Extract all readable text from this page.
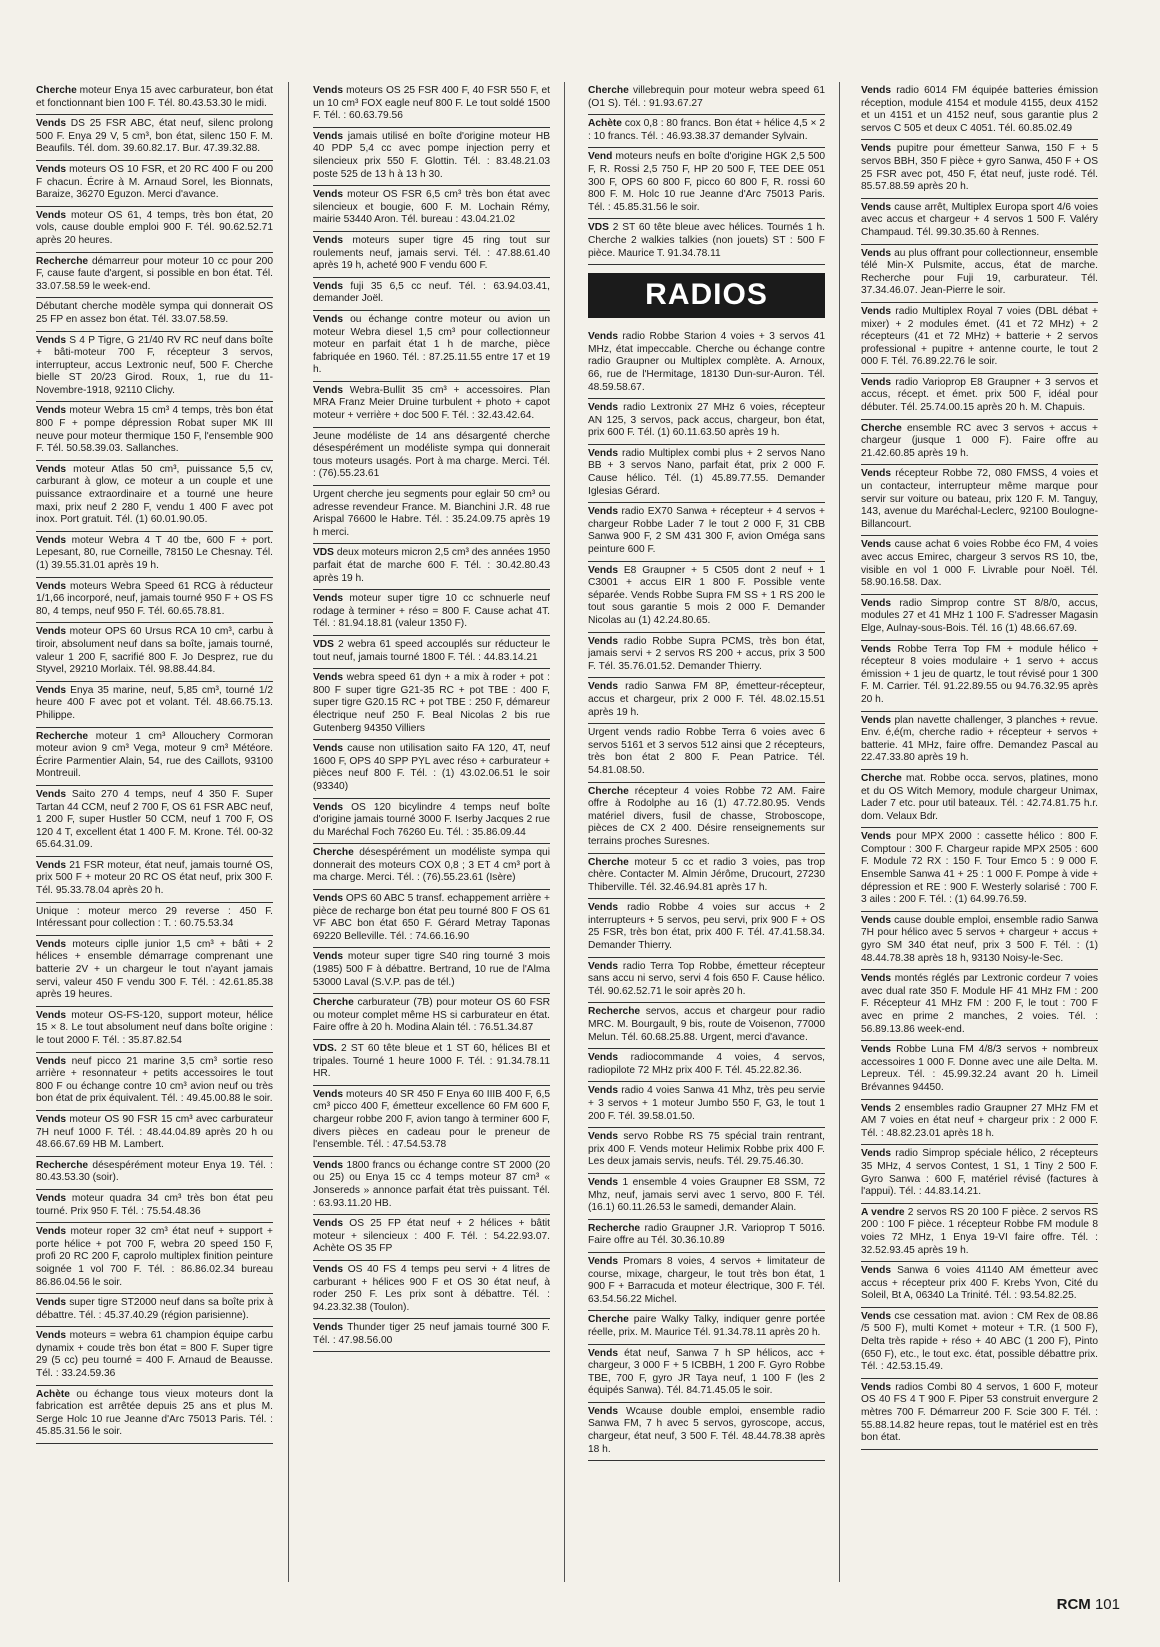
Cherche moteur Enya 15 avec carburateur, bon état et fonctionnant bien 100 F. Tél. 80.43.53.30 le midi.

Vends DS 25 FSR ABC, état neuf, silenc prolong 500 F. Enya 29 V, 5 cm³, bon état, silenc 150 F. M. Beaufils. Tél. dom. 39.60.82.17. Bur. 47.39.32.88.

Vends moteurs OS 10 FSR, et 20 RC 400 F ou 200 F chacun. Écrire à M. Arnaud Sorel, les Bionnats, Baraize, 36270 Eguzon. Merci d'avance.

Vends moteur OS 61, 4 temps, très bon état, 20 vols, cause double emploi 900 F. Tél. 90.62.52.71 après 20 heures.

Recherche démarreur pour moteur 10 cc pour 200 F, cause faute d'argent, si possible en bon état. Tél. 33.07.58.59 le week-end.

Débutant cherche modèle sympa qui donnerait OS 25 FP en assez bon état. Tél. 33.07.58.59.

Vends S 4 P Tigre, G 21/40 RV RC neuf dans boîte + bâti-moteur 700 F, récepteur 3 servos, interrupteur, accus Lextronic neuf, 500 F. Cherche bielle ST 20/23 Girod. Roux, 1, rue du 11-Novembre-1918, 92110 Clichy.

Vends moteur Webra 15 cm³ 4 temps, très bon état 800 F + pompe dépression Robat super MK III neuve pour moteur thermique 150 F, l'ensemble 900 F. Tél. 50.58.39.03. Sallanches.

Vends moteur Atlas 50 cm³, puissance 5,5 cv, carburant à glow, ce moteur a un couple et une puissance extraordinaire et a tourné une heure maxi, prix neuf 2 280 F, vendu 1 400 F avec pot inox. Port gratuit. Tél. (1) 60.01.90.05.

Vends moteur Webra 4 T 40 tbe, 600 F + port. Lepesant, 80, rue Corneille, 78150 Le Chesnay. Tél. (1) 39.55.31.01 après 19 h.

Vends moteurs Webra Speed 61 RCG à réducteur 1/1,66 incorporé, neuf, jamais tourné 950 F + OS FS 80, 4 temps, neuf 950 F. Tél. 60.65.78.81.

Vends moteur OPS 60 Ursus RCA 10 cm³, carbu à tiroir, absolument neuf dans sa boîte, jamais tourné, valeur 1 200 F, sacrifié 800 F. Jo Desprez, rue du Styvel, 29210 Morlaix. Tél. 98.88.44.84.

Vends Enya 35 marine, neuf, 5,85 cm³, tourné 1/2 heure 400 F avec pot et volant. Tél. 48.66.75.13. Philippe.

Recherche moteur 1 cm³ Allouchery Cormoran moteur avion 9 cm³ Vega, moteur 9 cm³ Météore. Écrire Parmentier Alain, 54, rue des Caillots, 93100 Montreuil.

Vends Saito 270 4 temps, neuf 4 350 F. Super Tartan 44 CCM, neuf 2 700 F, OS 61 FSR ABC neuf, 1 200 F, super Hustler 50 CCM, neuf 1 700 F, OS 120 4 T, excellent état 1 400 F. M. Krone. Tél. 00-32 65.64.31.09.

Vends 21 FSR moteur, état neuf, jamais tourné OS, prix 500 F + moteur 20 RC OS état neuf, prix 300 F. Tél. 95.33.78.04 après 20 h.

Unique : moteur merco 29 reverse : 450 F. Intéressant pour collection : T. : 60.75.53.34

Vends moteurs ciplle junior 1,5 cm³ + bâti + 2 hélices + ensemble démarrage comprenant une batterie 2V + un chargeur le tout n'ayant jamais servi, valeur 450 F vendu 300 F. Tél. : 42.61.85.38 après 19 heures.

Vends moteur OS-FS-120, support moteur, hélice 15 × 8. Le tout absolument neuf dans boîte origine : le tout 2000 F. Tél. : 35.87.82.54

Vends neuf picco 21 marine 3,5 cm³ sortie reso arrière + resonnateur + petits accessoires le tout 800 F ou échange contre 10 cm³ avion neuf ou très bon état de prix équivalent. Tél. : 49.45.00.88 le soir.

Vends moteur OS 90 FSR 15 cm³ avec carburateur 7H neuf 1000 F. Tél. : 48.44.04.89 après 20 h ou 48.66.67.69 HB M. Lambert.

Recherche désespérément moteur Enya 19. Tél. : 80.43.53.30 (soir).

Vends moteur quadra 34 cm³ très bon état peu tourné. Prix 950 F. Tél. : 75.54.48.36

Vends moteur roper 32 cm³ état neuf + support + porte hélice + pot 700 F, webra 20 speed 150 F, profi 20 RC 200 F, caprolo multiplex finition peinture soignée 1 vol 700 F. Tél. : 86.86.02.34 bureau 86.86.04.56 le soir.

Vends super tigre ST2000 neuf dans sa boîte prix à débattre. Tél. : 45.37.40.29 (région parisienne).

Vends moteurs = webra 61 champion équipe carbu dynamix + coude très bon état = 800 F. Super tigre 29 (5 cc) peu tourné = 400 F. Arnaud de Beausse. Tél. : 33.24.59.36

Achète ou échange tous vieux moteurs dont la fabrication est arrêtée depuis 25 ans et plus M. Serge Holc 10 rue Jeanne d'Arc 75013 Paris. Tél. : 45.85.31.56 le soir.

Vends moteurs OS 25 FSR 400 F, 40 FSR 550 F, et un 10 cm³ FOX eagle neuf 800 F. Le tout soldé 1500 F. Tél. : 60.63.79.56

Vends jamais utilisé en boîte d'origine moteur HB 40 PDP 5,4 cc avec pompe injection perry et silencieux prix 550 F. Glottin. Tél. : 83.48.21.03 poste 525 de 13 h à 13 h 30.

Vends moteur OS FSR 6,5 cm³ très bon état avec silencieux et bougie, 600 F. M. Lochain Rémy, mairie 53440 Aron. Tél. bureau : 43.04.21.02

Vends moteurs super tigre 45 ring tout sur roulements neuf, jamais servi. Tél. : 47.88.61.40 après 19 h, acheté 900 F vendu 600 F.

Vends fuji 35 6,5 cc neuf. Tél. : 63.94.03.41, demander Joël.

Vends ou échange contre moteur ou avion un moteur Webra diesel 1,5 cm³ pour collectionneur moteur en parfait état 1 h de marche, pièce fabriquée en 1960. Tél. : 87.25.11.55 entre 17 et 19 h.

Vends Webra-Bullit 35 cm³ + accessoires. Plan MRA Franz Meier Druine turbulent + photo + capot moteur + verrière + doc 500 F. Tél. : 32.43.42.64.

Jeune modéliste de 14 ans désargenté cherche désespérément un modéliste sympa qui donnerait tous moteurs usagés. Port à ma charge. Merci. Tél. : (76).55.23.61

Urgent cherche jeu segments pour eglair 50 cm³ ou adresse revendeur France. M. Bianchini J.R. 48 rue Arispal 76600 le Habre. Tél. : 35.24.09.75 après 19 h merci.

VDS deux moteurs micron 2,5 cm³ des années 1950 parfait état de marche 600 F. Tél. : 30.42.80.43 après 19 h.

Vends moteur super tigre 10 cc schnuerle neuf rodage à terminer + réso = 800 F. Cause achat 4T. Tél. : 81.94.18.81 (valeur 1350 F).

VDS 2 webra 61 speed accouplés sur réducteur le tout neuf, jamais tourné 1800 F. Tél. : 44.83.14.21

Vends webra speed 61 dyn + a mix à roder + pot : 800 F super tigre G21-35 RC + pot TBE : 400 F, super tigre G20.15 RC + pot TBE : 250 F, démareur électrique neuf 250 F. Beal Nicolas 2 bis rue Gutenberg 94350 Villiers

Vends cause non utilisation saito FA 120, 4T, neuf 1600 F, OPS 40 SPP PYL avec réso + carburateur + pièces neuf 800 F. Tél. : (1) 43.02.06.51 le soir (93340)

Vends OS 120 bicylindre 4 temps neuf boîte d'origine jamais tourné 3000 F. Iserby Jacques 2 rue du Maréchal Foch 76260 Eu. Tél. : 35.86.09.44

Cherche désespérément un modéliste sympa qui donnerait des moteurs COX 0,8 ; 3 ET 4 cm³ port à ma charge. Merci. Tél. : (76).55.23.61 (Isère)

Vends OPS 60 ABC 5 transf. echappement arrière + pièce de recharge bon état peu tourné 800 F OS 61 VF ABC bon état 650 F. Gérard Metray Taponas 69220 Belleville. Tél. : 74.66.16.90

Vends moteur super tigre S40 ring tourné 3 mois (1985) 500 F à débattre. Bertrand, 10 rue de l'Alma 53000 Laval (S.V.P. pas de tél.)

Cherche carburateur (7B) pour moteur OS 60 FSR ou moteur complet même HS si carburateur en état. Faire offre à 20 h. Modina Alain tél. : 76.51.34.87

VDS. 2 ST 60 tête bleue et 1 ST 60, hélices BI et tripales. Tourné 1 heure 1000 F. Tél. : 91.34.78.11 HR.

Vends moteurs 40 SR 450 F Enya 60 IIIB 400 F, 6,5 cm³ picco 400 F, émetteur excellence 60 FM 600 F, chargeur robbe 200 F, avion tango à terminer 600 F, divers pièces en cadeau pour le preneur de l'ensemble. Tél. : 47.54.53.78

Vends 1800 francs ou échange contre ST 2000 (20 ou 25) ou Enya 15 cc 4 temps moteur 87 cm³ « Jonsereds » annonce parfait état très puissant. Tél. : 63.93.11.20 HB.

Vends OS 25 FP état neuf + 2 hélices + bâtit moteur + silencieux : 400 F. Tél. : 54.22.93.07. Achète OS 35 FP

Vends OS 40 FS 4 temps peu servi + 4 litres de carburant + hélices 900 F et OS 30 état neuf, à roder 250 F. Les prix sont à débattre. Tél. : 94.23.32.38 (Toulon).

Vends Thunder tiger 25 neuf jamais tourné 300 F. Tél. : 47.98.56.00

Cherche villebrequin pour moteur webra speed 61 (O1 S). Tél. : 91.93.67.27

Achète cox 0,8 : 80 francs. Bon état + hélice 4,5 × 2 : 10 francs. Tél. : 46.93.38.37 demander Sylvain.

Vend moteurs neufs en boîte d'origine HGK 2,5 500 F, R. Rossi 2,5 750 F, HP 20 500 F, TEE DEE 051 300 F, OPS 60 800 F, picco 60 800 F, R. rossi 60 800 F. M. Holc 10 rue Jeanne d'Arc 75013 Paris. Tél. : 45.85.31.56 le soir.

VDS 2 ST 60 tête bleue avec hélices. Tournés 1 h. Cherche 2 walkies talkies (non jouets) ST : 500 F pièce. Maurice T. 91.34.78.11

RADIOS

Vends radio Robbe Starion 4 voies + 3 servos 41 MHz, état impeccable. Cherche ou échange contre radio Graupner ou Multiplex complète. A. Arnoux, 66, rue de l'Hermitage, 18130 Dun-sur-Auron. Tél. 48.59.58.67.

Vends radio Lextronix 27 MHz 6 voies, récepteur AN 125, 3 servos, pack accus, chargeur, bon état, prix 600 F. Tél. (1) 60.11.63.50 après 19 h.

Vends radio Multiplex combi plus + 2 servos Nano BB + 3 servos Nano, parfait état, prix 2 000 F. Cause hélico. Tél. (1) 45.89.77.55. Demander Iglesias Gérard.

Vends radio EX70 Sanwa + récepteur + 4 servos + chargeur Robbe Lader 7 le tout 2 000 F, 31 CBB Sanwa 900 F, 2 SM 431 300 F, avion Oméga sans peinture 600 F.

Vends E8 Graupner + 5 C505 dont 2 neuf + 1 C3001 + accus EIR 1 800 F. Possible vente séparée. Vends Robbe Supra FM SS + 1 RS 200 le tout sous garantie 5 mois 2 000 F. Demander Nicolas au (1) 42.24.80.65.

Vends radio Robbe Supra PCMS, très bon état, jamais servi + 2 servos RS 200 + accus, prix 3 500 F. Tél. 35.76.01.52. Demander Thierry.

Vends radio Sanwa FM 8P, émetteur-récepteur, accus et chargeur, prix 2 000 F. Tél. 48.02.15.51 après 19 h.

Urgent vends radio Robbe Terra 6 voies avec 6 servos 5161 et 3 servos 512 ainsi que 2 récepteurs, très bon état 2 800 F. Pean Patrice. Tél. 54.81.08.50.

Cherche récepteur 4 voies Robbe 72 AM. Faire offre à Rodolphe au 16 (1) 47.72.80.95. Vends matériel divers, fusil de chasse, Stroboscope, pièces de CX 2 400. Désire renseignements sur terrains proches Suresnes.

Cherche moteur 5 cc et radio 3 voies, pas trop chère. Contacter M. Almin Jérôme, Drucourt, 27230 Thiberville. Tél. 32.46.94.81 après 17 h.

Vends radio Robbe 4 voies sur accus + 2 interrupteurs + 5 servos, peu servi, prix 900 F + OS 25 FSR, très bon état, prix 400 F. Tél. 47.41.58.34. Demander Thierry.

Vends radio Terra Top Robbe, émetteur récepteur sans accu ni servo, servi 4 fois 650 F. Cause hélico. Tél. 90.62.52.71 le soir après 20 h.

Recherche servos, accus et chargeur pour radio MRC. M. Bourgault, 9 bis, route de Voisenon, 77000 Melun. Tél. 60.68.25.88. Urgent, merci d'avance.

Vends radiocommande 4 voies, 4 servos, radiopilote 72 MHz prix 400 F. Tél. 45.22.82.36.

Vends radio 4 voies Sanwa 41 Mhz, très peu servie + 3 servos + 1 moteur Jumbo 550 F, G3, le tout 1 200 F. Tél. 39.58.01.50.

Vends servo Robbe RS 75 spécial train rentrant, prix 400 F. Vends moteur Helimix Robbe prix 400 F. Les deux jamais servis, neufs. Tél. 29.75.46.30.

Vends 1 ensemble 4 voies Graupner E8 SSM, 72 Mhz, neuf, jamais servi avec 1 servo, 800 F. Tél. (16.1) 60.11.26.53 le samedi, demander Alain.

Recherche radio Graupner J.R. Varioprop T 5016. Faire offre au Tél. 30.36.10.89

Vends Promars 8 voies, 4 servos + limitateur de course, mixage, chargeur, le tout très bon état, 1 900 F + Barracuda et moteur électrique, 300 F. Tél. 63.54.56.22 Michel.

Cherche paire Walky Talky, indiquer genre portée réelle, prix. M. Maurice Tél. 91.34.78.11 après 20 h.

Vends état neuf, Sanwa 7 h SP hélicos, acc + chargeur, 3 000 F + 5 ICBBH, 1 200 F. Gyro Robbe TBE, 700 F, gyro JR Taya neuf, 1 100 F (les 2 équipés Sanwa). Tél. 84.71.45.05 le soir.

Vends Wcause double emploi, ensemble radio Sanwa FM, 7 h avec 5 servos, gyroscope, accus, chargeur, état neuf, 3 500 F. Tél. 48.44.78.38 après 18 h.

Vends radio 6014 FM équipée batteries émission réception, module 4154 et module 4155, deux 4152 et un 4151 et un 4152 neuf, sous garantie plus 2 servos C 505 et deux C 4051. Tél. 60.85.02.49

Vends pupitre pour émetteur Sanwa, 150 F + 5 servos BBH, 350 F pièce + gyro Sanwa, 450 F + OS 25 FSR avec pot, 450 F, état neuf, juste rodé. Tél. 85.57.88.59 après 20 h.

Vends cause arrêt, Multiplex Europa sport 4/6 voies avec accus et chargeur + 4 servos 1 500 F. Valéry Champaud. Tél. 99.30.35.60 à Rennes.

Vends au plus offrant pour collectionneur, ensemble télé Min-X Pulsmite, accus, état de marche. Recherche pour Fuji 19, carburateur. Tél. 37.34.46.07. Jean-Pierre le soir.

Vends radio Multiplex Royal 7 voies (DBL débat + mixer) + 2 modules émet. (41 et 72 MHz) + 2 récepteurs (41 et 72 MHz) + batterie + 2 servos professional + pupitre + antenne courte, le tout 2 000 F. Tél. 76.89.22.76 le soir.

Vends radio Varioprop E8 Graupner + 3 servos et accus, récept. et émet. prix 500 F, idéal pour débuter. Tél. 25.74.00.15 après 20 h. M. Chapuis.

Cherche ensemble RC avec 3 servos + accus + chargeur (jusque 1 000 F). Faire offre au 21.42.60.85 après 19 h.

Vends récepteur Robbe 72, 080 FMSS, 4 voies et un contacteur, interrupteur même marque pour servir sur voiture ou bateau, prix 120 F. M. Tanguy, 143, avenue du Maréchal-Leclerc, 92100 Boulogne-Billancourt.

Vends cause achat 6 voies Robbe éco FM, 4 voies avec accus Emirec, chargeur 3 servos RS 10, tbe, visible en vol 1 000 F. Livrable pour Noël. Tél. 58.90.16.58. Dax.

Vends radio Simprop contre ST 8/8/0, accus, modules 27 et 41 MHz 1 100 F. S'adresser Magasin Elge, Aulnay-sous-Bois. Tél. 16 (1) 48.66.67.69.

Vends Robbe Terra Top FM + module hélico + récepteur 8 voies modulaire + 1 servo + accus émission + 1 jeu de quartz, le tout révisé pour 1 300 F. M. Carrier. Tél. 91.22.89.55 ou 94.76.32.95 après 20 h.

Vends plan navette challenger, 3 planches + revue. Env. é,é(m, cherche radio + récepteur + servos + batterie. 41 MHz, faire offre. Demandez Pascal au 22.47.33.80 après 19 h.

Cherche mat. Robbe occa. servos, platines, mono et du OS Witch Memory, module chargeur Unimax, Lader 7 etc. pour util bateaux. Tél. : 42.74.81.75 h.r. dom. Velaux Bdr.

Vends pour MPX 2000 : cassette hélico : 800 F. Comptour : 300 F. Chargeur rapide MPX 2505 : 600 F. Module 72 RX : 150 F. Tour Emco 5 : 9 000 F. Ensemble Sanwa 41 + 25 : 1 000 F. Pompe à vide + dépression et RE : 900 F. Westerly solarisé : 700 F. 3 ailes : 200 F. Tél. : (1) 64.99.76.59.

Vends cause double emploi, ensemble radio Sanwa 7H pour hélico avec 5 servos + chargeur + accus + gyro SM 340 état neuf, prix 3 500 F. Tél. : (1) 48.44.78.38 après 18 h, 93130 Noisy-le-Sec.

Vends montés réglés par Lextronic cordeur 7 voies avec dual rate 350 F. Module HF 41 MHz FM : 200 F. Récepteur 41 MHz FM : 200 F, le tout : 700 F avec en prime 2 manches, 2 voies. Tél. : 56.89.13.86 week-end.

Vends Robbe Luna FM 4/8/3 servos + nombreux accessoires 1 000 F. Donne avec une aile Delta. M. Lepreux. Tél. : 45.99.32.24 avant 20 h. Limeil Brévannes 94450.

Vends 2 ensembles radio Graupner 27 MHz FM et AM 7 voies en état neuf + chargeur prix : 2 000 F. Tél. : 48.82.23.01 après 18 h.

Vends radio Simprop spéciale hélico, 2 récepteurs 35 MHz, 4 servos Contest, 1 S1, 1 Tiny 2 500 F. Gyro Sanwa : 600 F, matériel révisé (factures à l'appui). Tél. : 44.83.14.21.

A vendre 2 servos RS 20 100 F pièce. 2 servos RS 200 : 100 F pièce. 1 récepteur Robbe FM module 8 voies 72 MHz, 1 Enya 19-VI faire offre. Tél. : 32.52.93.45 après 19 h.

Vends Sanwa 6 voies 41140 AM émetteur avec accus + récepteur prix 400 F. Krebs Yvon, Cité du Soleil, Bt A, 06340 La Trinité. Tél. : 93.54.82.25.

Vends cse cessation mat. avion : CM Rex de 08.86 /5 500 F), multi Komet + moteur + T.R. (1 500 F), Delta très rapide + réso + 40 ABC (1 200 F), Pinto (650 F), etc., le tout exc. état, possible débattre prix. Tél. : 42.53.15.49.

Vends radios Combi 80 4 servos, 1 600 F, moteur OS 40 FS 4 T 900 F. Piper 53 construit envergure 2 mètres 700 F. Démarreur 200 F. Scie 300 F. Tél. : 55.88.14.82 heure repas, tout le matériel est en très bon état.

RCM 101
